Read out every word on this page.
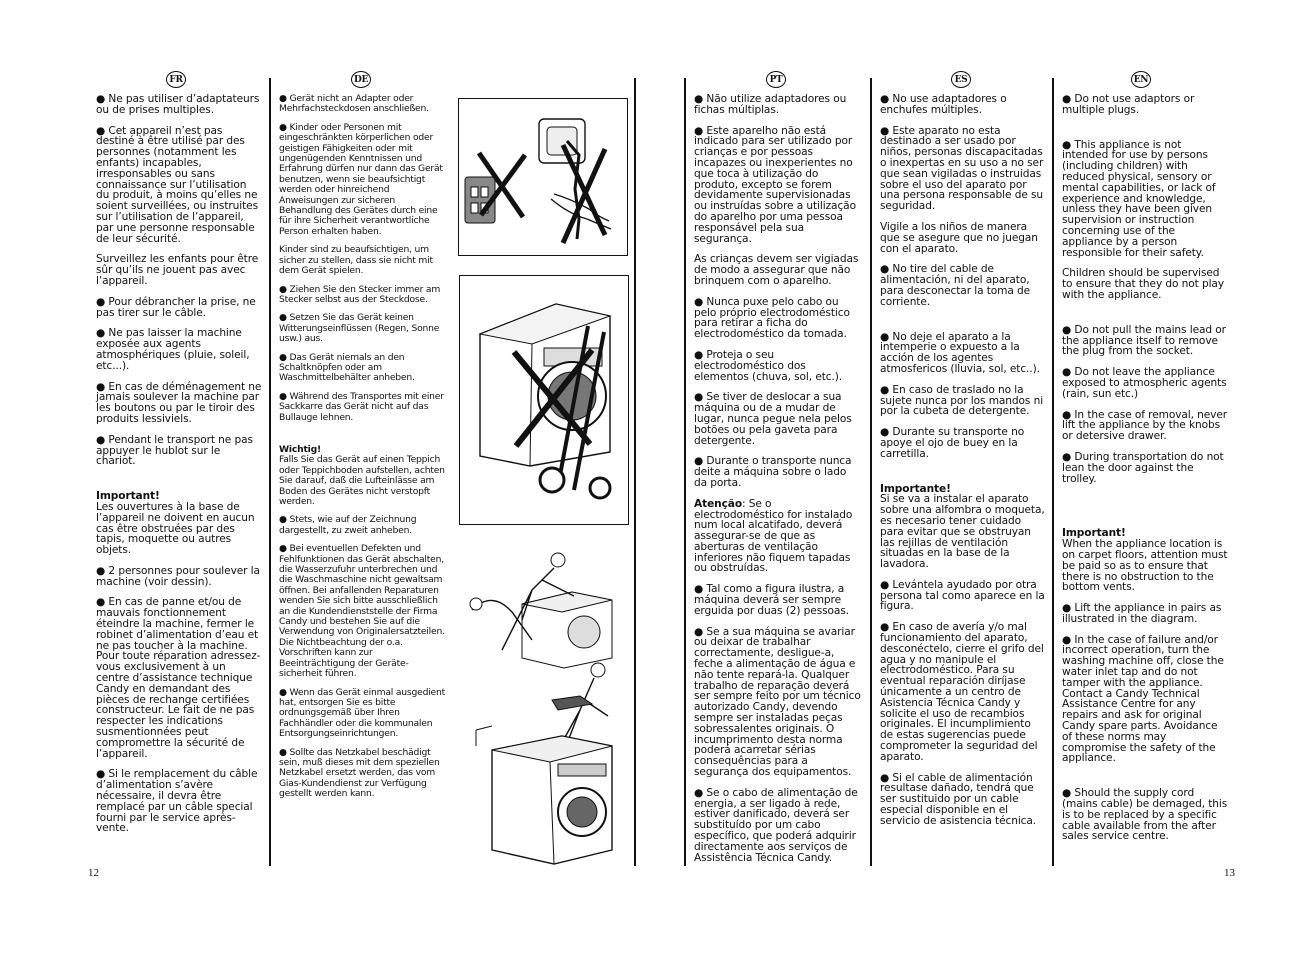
FR	DE	PT	ES	EN

● Ne pas utiliser d’adaptateurs ou de prises multiples.

● Cet appareil n’est pas destiné à être utilisé par des personnes (notamment les enfants) incapables, irresponsables ou sans connaissance sur l’utilisation du produit, à moins qu’elles ne soient surveillées, ou instruites sur l’utilisation de l’appareil, par une personne responsable de leur sécurité.

Surveillez les enfants pour être sûr qu’ils ne jouent pas avec l’appareil.

● Pour débrancher la prise, ne pas tirer sur le câble.

● Ne pas laisser la machine exposée aux agents atmosphériques (pluie, soleil, etc...).

● En cas de déménagement ne jamais soulever la machine par les boutons ou par le tiroir des produits lessiviels.

● Pendant le transport ne pas appuyer le hublot sur le chariot.

Important!
Les ouvertures à la base de l’appareil ne doivent en aucun cas être obstruées par des tapis, moquette ou autres objets.

● 2 personnes pour soulever la machine (voir dessin).

● En cas de panne et/ou de mauvais fonctionnement éteindre la machine, fermer le robinet d’alimentation d’eau et ne pas toucher à la machine. Pour toute réparation adressez-vous exclusivement à un centre d’assistance technique Candy en demandant des pièces de rechange certifiées constructeur. Le fait de ne pas respecter les indications susmentionnées peut compromettre la sécurité de l’appareil.

● Si le remplacement du câble d’alimentation s’avère nécessaire, il devra être remplacé par un câble special fourni par le service après-vente.

● Gerät nicht an Adapter oder Mehrfachsteckdosen anschließen.

● Kinder oder Personen mit eingeschränkten körperlichen oder geistigen Fähigkeiten oder mit ungenügenden Kenntnissen und Erfahrung dürfen nur dann das Gerät benutzen, wenn sie beaufsichtigt werden oder hinreichend Anweisungen zur sicheren Behandlung des Gerätes durch eine für ihre Sicherheit verantwortliche Person erhalten haben.

Kinder sind zu beaufsichtigen, um sicher zu stellen, dass sie nicht mit dem Gerät spielen.

● Ziehen Sie den Stecker immer am Stecker selbst aus der Steckdose.

● Setzen Sie das Gerät keinen Witterungseinflüssen (Regen, Sonne usw.) aus.

● Das Gerät niemals an den Schaltknöpfen oder am Waschmittelbehälter anheben.

● Während des Transportes mit einer Sackkarre das Gerät nicht auf das Bullauge lehnen.

Wichtig!
Falls Sie das Gerät auf einen Teppich oder Teppichboden aufstellen, achten Sie darauf, daß die Lufteinlässe am Boden des Gerätes nicht verstopft werden.

● Stets, wie auf der Zeichnung dargestellt, zu zweit anheben.

● Bei eventuellen Defekten und Fehlfunktionen das Gerät abschalten, die Wasserzufuhr unterbrechen und die Waschmaschine nicht gewaltsam öffnen. Bei anfallenden Reparaturen wenden Sie sich bitte ausschließlich an die Kundendienststelle der Firma Candy und bestehen Sie auf die Verwendung von Originalersatzteilen. Die Nichtbeachtung der o.a. Vorschriften kann zur Beeinträchtigung der Geräte-sicherheit führen.

● Wenn das Gerät einmal ausgedient hat, entsorgen Sie es bitte ordnungsgemäß über Ihren Fachhändler oder die kommunalen Entsorgungseinrichtungen.

● Sollte das Netzkabel beschädigt sein, muß dieses mit dem speziellen Netzkabel ersetzt werden, das vom Gias-Kundendienst zur Verfügung gestellt werden kann.

● Não utilize adaptadores ou fichas múltiplas.

● Este aparelho não está indicado para ser utilizado por crianças e por pessoas incapazes ou inexperientes no que toca à utilização do produto, excepto se forem devidamente supervisionadas ou instruídas sobre a utilização do aparelho por uma pessoa responsável pela sua segurança.

As crianças devem ser vigiadas de modo a assegurar que não brinquem com o aparelho.

● Nunca puxe pelo cabo ou pelo próprio electrodoméstico para retirar a ficha do electrodoméstico da tomada.

● Proteja o seu electrodoméstico dos elementos (chuva, sol, etc.).

● Se tiver de deslocar a sua máquina ou de a mudar de lugar, nunca pegue nela pelos botões ou pela gaveta para detergente.

● Durante o transporte nunca deite a máquina sobre o lado da porta.

Atenção: Se o electrodoméstico for instalado num local alcatifado, deverá assegurar-se de que as aberturas de ventilação inferiores não fiquem tapadas ou obstruídas.

● Tal como a figura ilustra, a máquina deverá ser sempre erguida por duas (2) pessoas.

● Se a sua máquina se avariar ou deixar de trabalhar correctamente, desligue-a, feche a alimentação de água e não tente repará-la. Qualquer trabalho de reparação deverá ser sempre feito por um técnico autorizado Candy, devendo sempre ser instaladas peças sobressalentes originais. O incumprimento desta norma poderá acarretar sérias consequências para a segurança dos equipamentos.

● Se o cabo de alimentação de energia, a ser ligado à rede, estiver danificado, deverá ser substituído por um cabo específico, que poderá adquirir directamente aos serviços de Assistência Técnica Candy.

● No use adaptadores o enchufes múltiples.

● Este aparato no esta destinado a ser usado por niños, personas discapacitadas o inexpertas en su uso a no ser que sean vigiladas o instruidas sobre el uso del aparato por una persona responsable de su seguridad.

Vigile a los niños de manera que se asegure que no juegan con el aparato.

● No tire del cable de alimentación, ni del aparato, para desconectar la toma de corriente.

● No deje el aparato a la intemperie o expuesto a la acción de los agentes atmosfericos (lluvia, sol, etc..).

● En caso de traslado no la sujete nunca por los mandos ni por la cubeta de detergente.

● Durante su transporte no apoye el ojo de buey en la carretilla.

Importante!
Si se va a instalar el aparato sobre una alfombra o moqueta, es necesario tener cuidado para evitar que se obstruyan las rejillas de ventilación situadas en la base de la lavadora.

● Levántela ayudado por otra persona tal como aparece en la figura.

● En caso de avería y/o mal funcionamiento del aparato, desconéctelo, cierre el grifo del agua y no manipule el electrodoméstico. Para su eventual reparación diríjase únicamente a un centro de Asistencia Técnica Candy y solicite el uso de recambios originales. El incumplimiento de estas sugerencias puede comprometer la seguridad del aparato.

● Si el cable de alimentación resultase dañado, tendrá que ser sustituido por un cable especial disponible en el servicio de asistencia técnica.

● Do not use adaptors or multiple plugs.

● This appliance is not intended for use by persons (including children) with reduced physical, sensory or mental capabilities, or lack of experience and knowledge, unless they have been given supervision or instruction concerning use of the appliance by a person responsible for their safety.

Children should be supervised to ensure that they do not play with the appliance.

● Do not pull the mains lead or the appliance itself to remove the plug from the socket.

● Do not leave the appliance exposed to atmospheric agents (rain, sun etc.)

● In the case of removal, never lift the appliance by the knobs or detersive drawer.

● During transportation do not lean the door against the trolley.

Important!
When the appliance location is on carpet floors, attention must be paid so as to ensure that there is no obstruction to the bottom vents.

● Lift the appliance in pairs as illustrated in the diagram.

● In the case of failure and/or incorrect operation, turn the washing machine off, close the water inlet tap and do not tamper with the appliance. Contact a Candy Technical Assistance Centre for any repairs and ask for original Candy spare parts. Avoidance of these norms may compromise the safety of the appliance.

● Should the supply cord (mains cable) be demaged, this is to be replaced by a specific cable available from the after sales service centre.

12	13
